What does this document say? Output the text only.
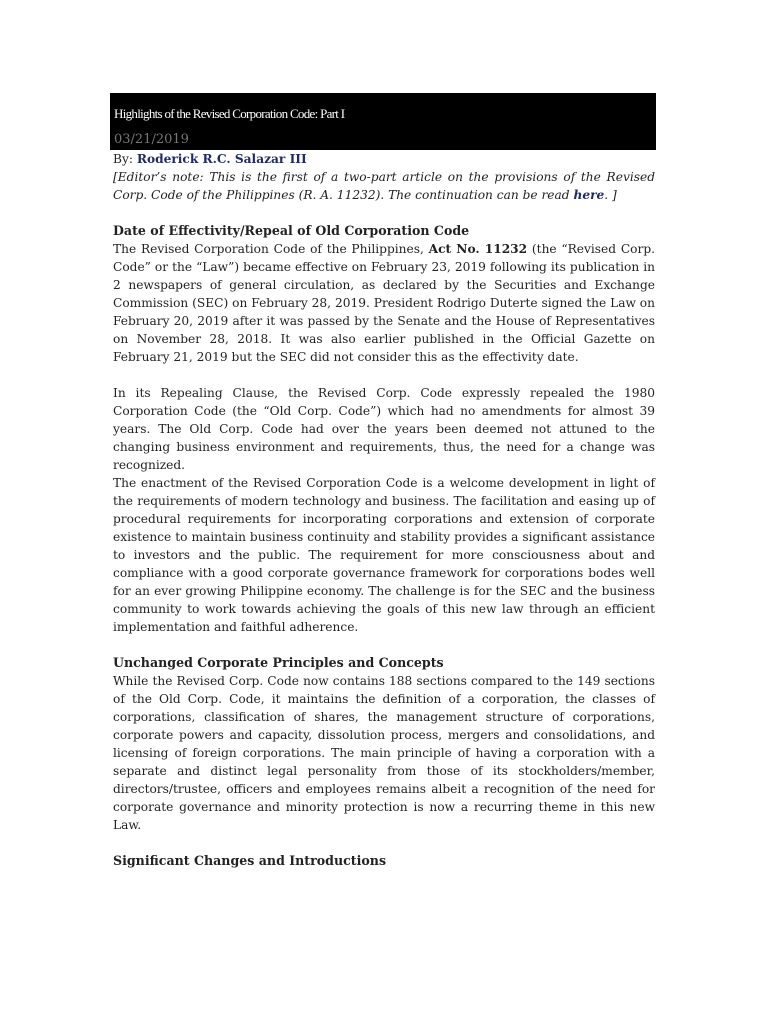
Highlights of the Revised Corporation Code: Part I
03/21/2019

By: Roderick R.C. Salazar III

[Editor’s note: This is the first of a two-part article on the provisions of the Revised Corp. Code of the Philippines (R. A. 11232). The continuation can be read here. ]

Date of Effectivity/Repeal of Old Corporation Code

The Revised Corporation Code of the Philippines, Act No. 11232 (the “Revised Corp. Code” or the “Law”) became effective on February 23, 2019 following its publication in 2 newspapers of general circulation, as declared by the Securities and Exchange Commission (SEC) on February 28, 2019. President Rodrigo Duterte signed the Law on February 20, 2019 after it was passed by the Senate and the House of Representatives on November 28, 2018. It was also earlier published in the Official Gazette on February 21, 2019 but the SEC did not consider this as the effectivity date.

In its Repealing Clause, the Revised Corp. Code expressly repealed the 1980 Corporation Code (the “Old Corp. Code”) which had no amendments for almost 39 years. The Old Corp. Code had over the years been deemed not attuned to the changing business environment and requirements, thus, the need for a change was recognized.

The enactment of the Revised Corporation Code is a welcome development in light of the requirements of modern technology and business. The facilitation and easing up of procedural requirements for incorporating corporations and extension of corporate existence to maintain business continuity and stability provides a significant assistance to investors and the public. The requirement for more consciousness about and compliance with a good corporate governance framework for corporations bodes well for an ever growing Philippine economy. The challenge is for the SEC and the business community to work towards achieving the goals of this new law through an efficient implementation and faithful adherence.

Unchanged Corporate Principles and Concepts

While the Revised Corp. Code now contains 188 sections compared to the 149 sections of the Old Corp. Code, it maintains the definition of a corporation, the classes of corporations, classification of shares, the management structure of corporations, corporate powers and capacity, dissolution process, mergers and consolidations, and licensing of foreign corporations. The main principle of having a corporation with a separate and distinct legal personality from those of its stockholders/member, directors/trustee, officers and employees remains albeit a recognition of the need for corporate governance and minority protection is now a recurring theme in this new Law.

Significant Changes and Introductions
